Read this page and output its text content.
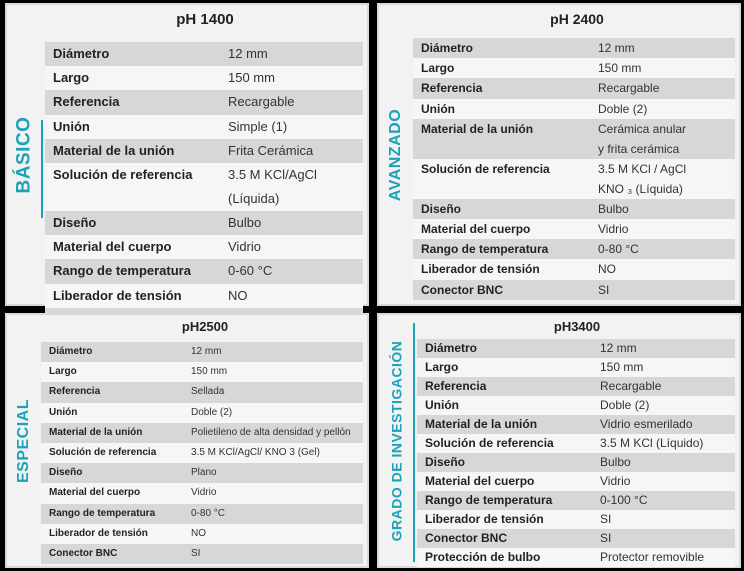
BÁSICO
pH 1400
Diámetro	12 mm
Largo	150 mm
Referencia	Recargable
Unión	Simple (1)
Material de la unión	Frita Cerámica
Solución de referencia	3.5 M KCl/AgCl (Líquida)
Diseño	Bulbo
Material del cuerpo	Vidrio
Rango de temperatura	0-60 °C
Liberador de tensión	NO
AVANZADO
pH 2400
Diámetro	12 mm
Largo	150 mm
Referencia	Recargable
Unión	Doble (2)
Material de la unión	Cerámica anular
y frita cerámica
Solución de referencia	3.5 M KCl / AgCl
KNO ₃ (Líquida)
Diseño	Bulbo
Material del cuerpo	Vidrio
Rango de temperatura	0-80 °C
Liberador de tensión	NO
Conector BNC	SI
ESPECIAL
pH2500
Diámetro	12 mm
Largo	150 mm
Referencia	Sellada
Unión	Doble (2)
Material de la unión	Polietileno de alta densidad y pellón
Solución de referencia	3.5 M KCl/AgCl/ KNO 3 (Gel)
Diseño	Plano
Material del cuerpo	Vidrio
Rango de temperatura	0-80 °C
Liberador de tensión	NO
Conector BNC	SI
GRADO DE INVESTIGACIÓN
pH3400
Diámetro	12 mm
Largo	150 mm
Referencia	Recargable
Unión	Doble (2)
Material de la unión	Vidrio esmerilado
Solución de referencia	3.5 M KCl (Líquido)
Diseño	Bulbo
Material del cuerpo	Vidrio
Rango de temperatura	0-100 °C
Liberador de tensión	SI
Conector BNC	SI
Protección de bulbo	Protector removible
